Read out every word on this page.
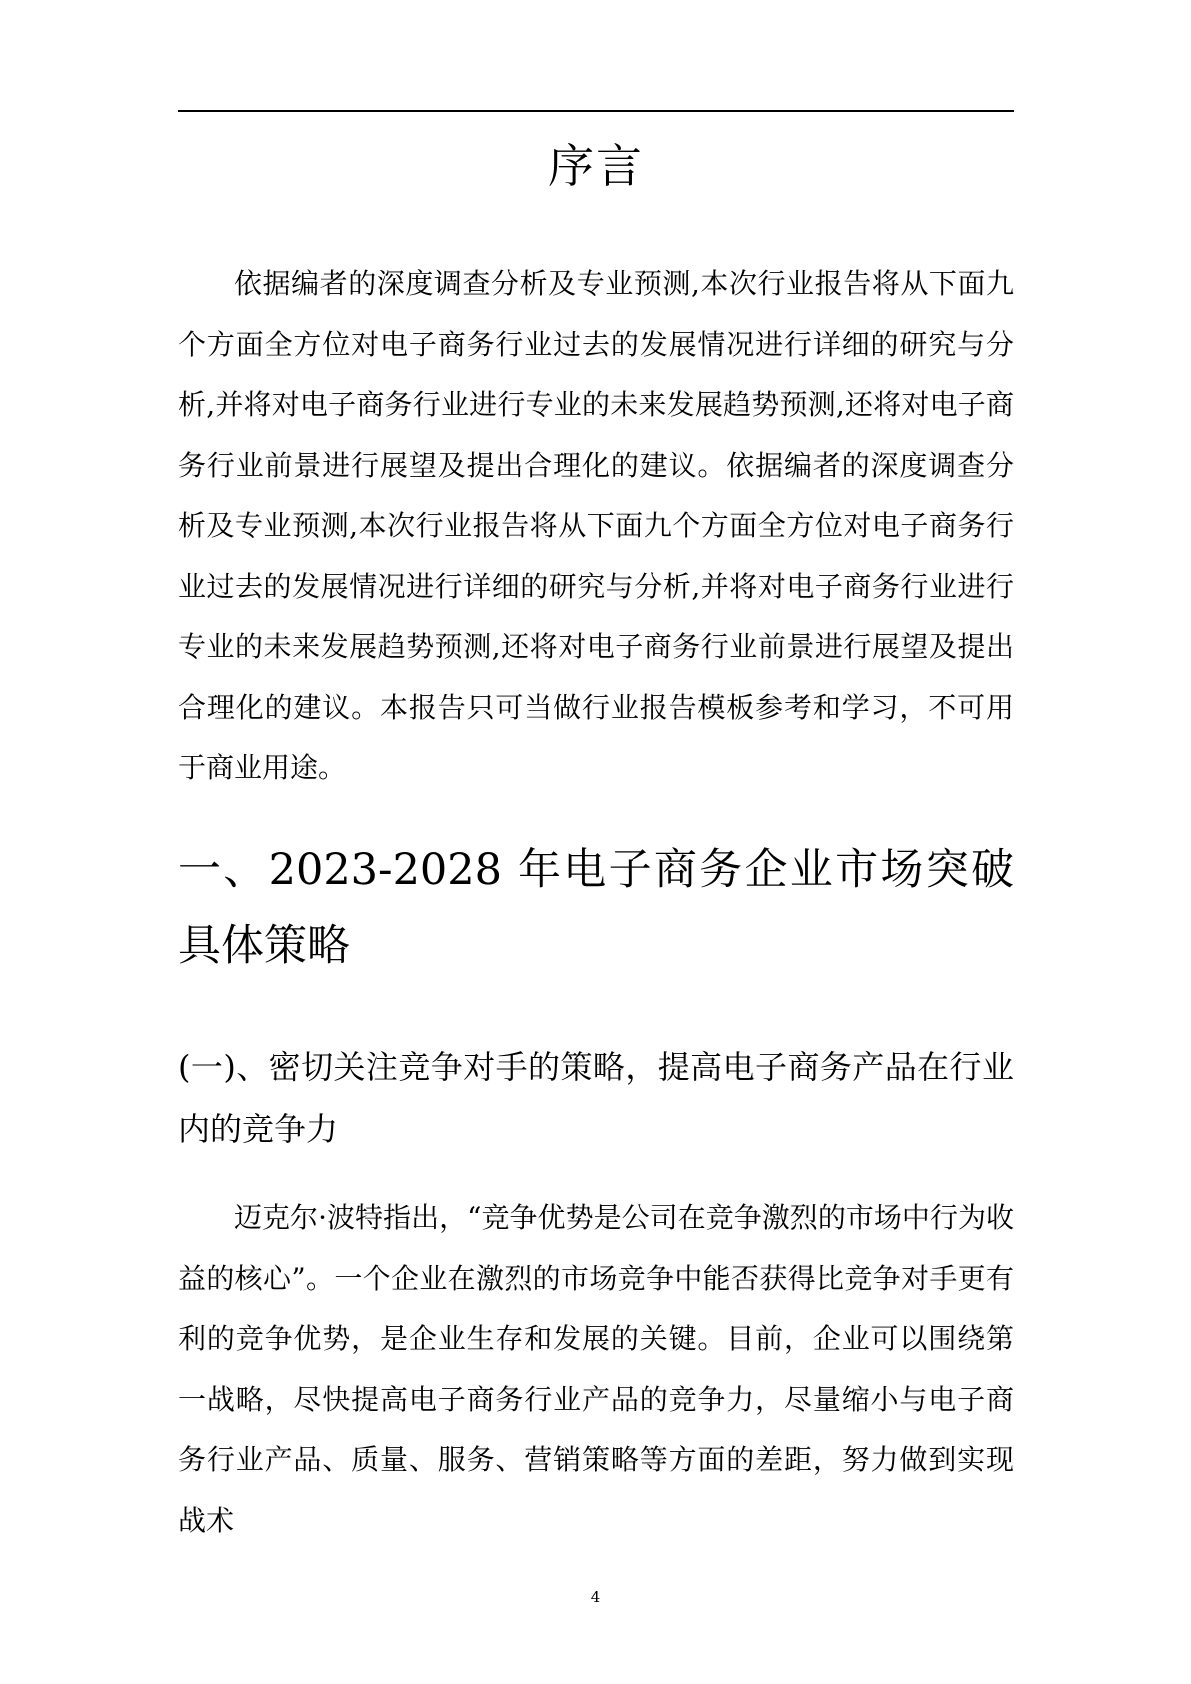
序言

依据编者的深度调查分析及专业预测,本次行业报告将从下面九个方面全方位对电子商务行业过去的发展情况进行详细的研究与分析,并将对电子商务行业进行专业的未来发展趋势预测,还将对电子商务行业前景进行展望及提出合理化的建议。依据编者的深度调查分析及专业预测,本次行业报告将从下面九个方面全方位对电子商务行业过去的发展情况进行详细的研究与分析,并将对电子商务行业进行专业的未来发展趋势预测,还将对电子商务行业前景进行展望及提出合理化的建议。本报告只可当做行业报告模板参考和学习，不可用于商业用途。

一、2023-2028 年电子商务企业市场突破具体策略
(一)、密切关注竞争对手的策略，提高电子商务产品在行业内的竞争力

迈克尔·波特指出，“竞争优势是公司在竞争激烈的市场中行为收益的核心”。一个企业在激烈的市场竞争中能否获得比竞争对手更有利的竞争优势，是企业生存和发展的关键。目前，企业可以围绕第一战略，尽快提高电子商务行业产品的竞争力，尽量缩小与电子商务行业产品、质量、服务、营销策略等方面的差距，努力做到实现战术

4
